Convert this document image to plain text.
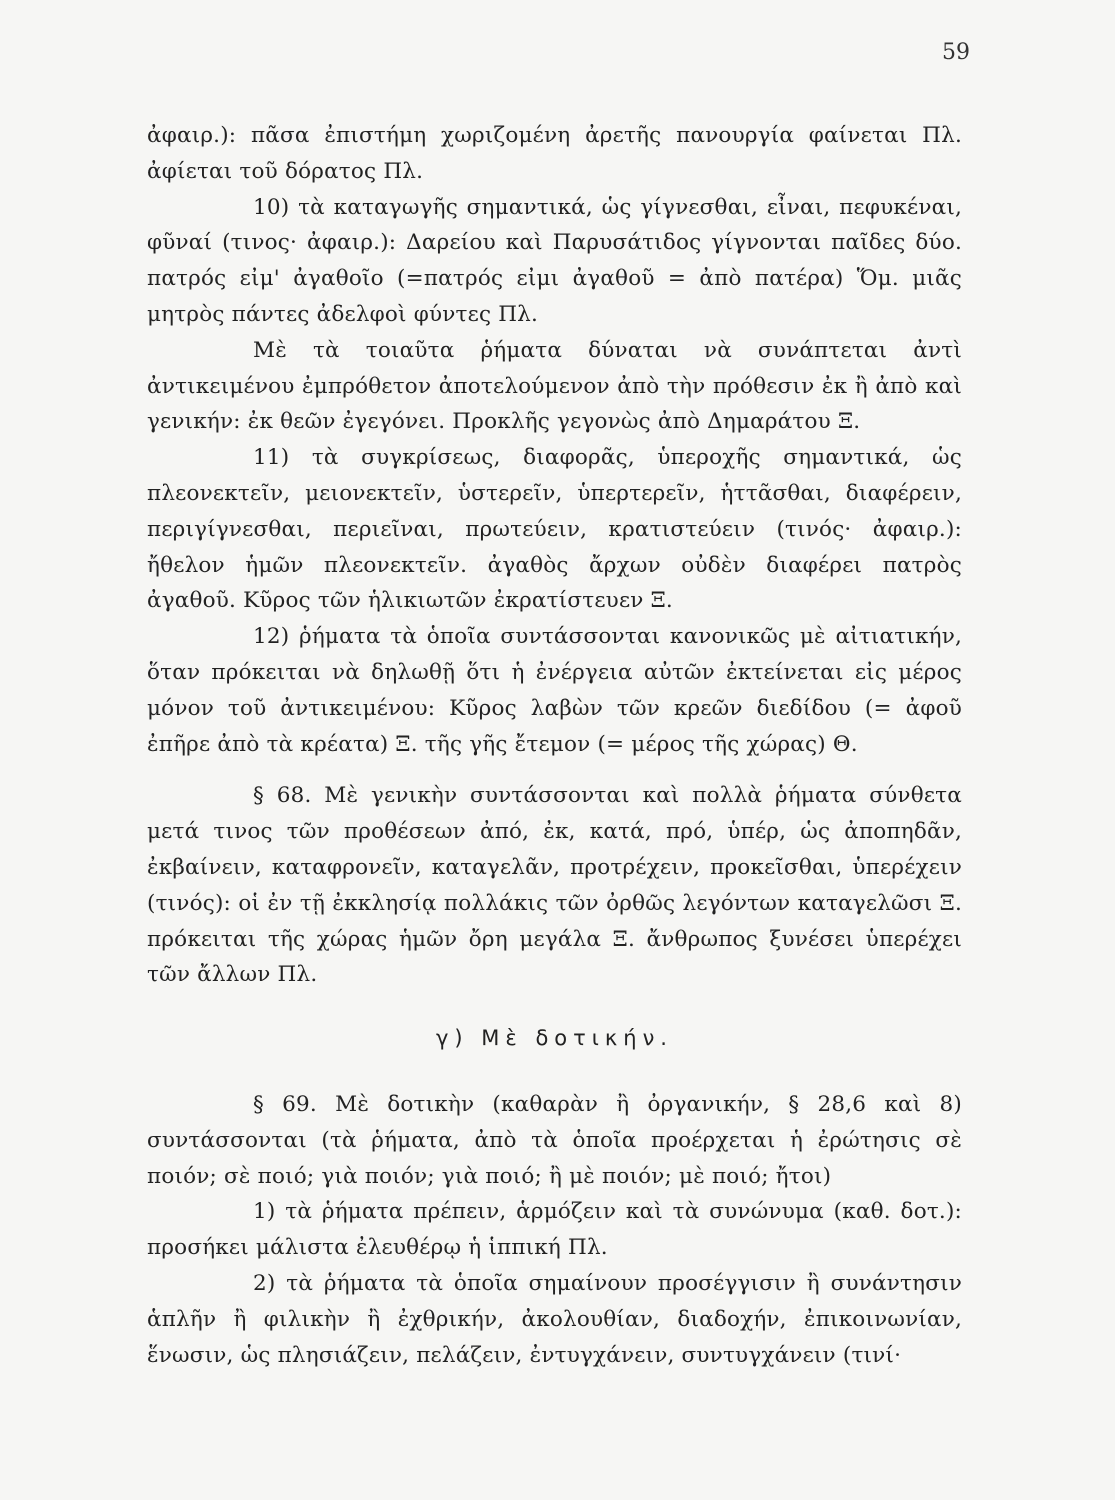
59

ἀφαιρ.): πᾶσα ἐπιστήμη χωριζομένη ἀρετῆς πανουργία φαίνεται Πλ. ἀφίεται τοῦ δόρατος Πλ.

10) τὰ καταγωγῆς σημαντικά, ὡς γίγνεσθαι, εἶναι, πεφυκέναι, φῦναί (τινος· ἀφαιρ.): Δαρείου καὶ Παρυσάτιδος γίγνονται παῖδες δύο. πατρός εἰμ' ἀγαθοῖο (=πατρός εἰμι ἀγαθοῦ = ἀπὸ πατέρα) Ὅμ. μιᾶς μητρὸς πάντες ἀδελφοὶ φύντες Πλ.

Μὲ τὰ τοιαῦτα ῥήματα δύναται νὰ συνάπτεται ἀντὶ ἀντικειμένου ἐμπρόθετον ἀποτελούμενον ἀπὸ τὴν πρόθεσιν ἐκ ἢ ἀπὸ καὶ γενικήν: ἐκ θεῶν ἐγεγόνει. Προκλῆς γεγονὼς ἀπὸ Δημαράτου Ξ.

11) τὰ συγκρίσεως, διαφορᾶς, ὑπεροχῆς σημαντικά, ὡς πλεονεκτεῖν, μειονεκτεῖν, ὑστερεῖν, ὑπερτερεῖν, ἡττᾶσθαι, διαφέρειν, περιγίγνεσθαι, περιεῖναι, πρωτεύειν, κρατιστεύειν (τινός· ἀφαιρ.): ἤθελον ἡμῶν πλεονεκτεῖν. ἀγαθὸς ἄρχων οὐδὲν διαφέρει πατρὸς ἀγαθοῦ. Κῦρος τῶν ἡλικιωτῶν ἐκρατίστευεν Ξ.

12) ῥήματα τὰ ὁποῖα συντάσσονται κανονικῶς μὲ αἰτιατικήν, ὅταν πρόκειται νὰ δηλωθῇ ὅτι ἡ ἐνέργεια αὐτῶν ἐκτείνεται εἰς μέρος μόνον τοῦ ἀντικειμένου: Κῦρος λαβὼν τῶν κρεῶν διεδίδου (= ἀφοῦ ἐπῆρε ἀπὸ τὰ κρέατα) Ξ. τῆς γῆς ἔτεμον (= μέρος τῆς χώρας) Θ.

§ 68. Μὲ γενικὴν συντάσσονται καὶ πολλὰ ῥήματα σύνθετα μετά τινος τῶν προθέσεων ἀπό, ἐκ, κατά, πρό, ὑπέρ, ὡς ἀποπηδᾶν, ἐκβαίνειν, καταφρονεῖν, καταγελᾶν, προτρέχειν, προκεῖσθαι, ὑπερέχειν (τινός): οἱ ἐν τῇ ἐκκλησίᾳ πολλάκις τῶν ὀρθῶς λεγόντων καταγελῶσι Ξ. πρόκειται τῆς χώρας ἡμῶν ὄρη μεγάλα Ξ. ἄνθρωπος ξυνέσει ὑπερέχει τῶν ἄλλων Πλ.

γ) Μὲ δοτικήν.

§ 69. Μὲ δοτικὴν (καθαρὰν ἢ ὀργανικήν, § 28,6 καὶ 8) συντάσσονται (τὰ ῥήματα, ἀπὸ τὰ ὁποῖα προέρχεται ἡ ἐρώτησις σὲ ποιόν; σὲ ποιό; γιὰ ποιόν; γιὰ ποιό; ἢ μὲ ποιόν; μὲ ποιό; ἤτοι)

1) τὰ ῥήματα πρέπειν, ἁρμόζειν καὶ τὰ συνώνυμα (καθ. δοτ.): προσήκει μάλιστα ἐλευθέρῳ ἡ ἱππική Πλ.

2) τὰ ῥήματα τὰ ὁποῖα σημαίνουν προσέγγισιν ἢ συνάντησιν ἁπλῆν ἢ φιλικὴν ἢ ἐχθρικήν, ἀκολουθίαν, διαδοχήν, ἐπικοινωνίαν, ἕνωσιν, ὡς πλησιάζειν, πελάζειν, ἐντυγχάνειν, συντυγχάνειν (τινί·
